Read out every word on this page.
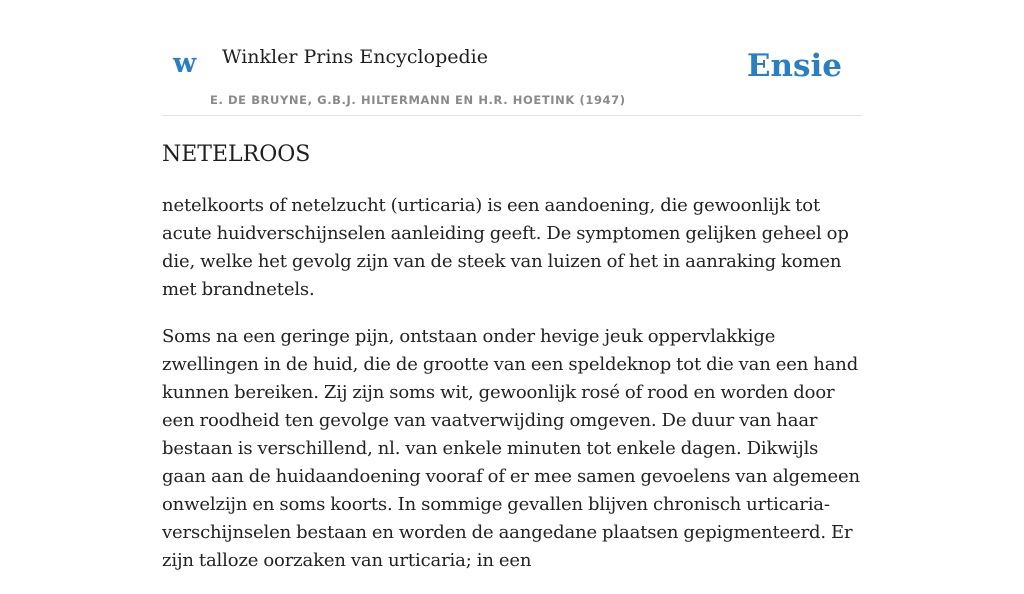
w Winkler Prins Encyclopedie
E. DE BRUYNE, G.B.J. HILTERMANN EN H.R. HOETINK (1947)
Ensie
NETELROOS

netelkoorts of netelzucht (urticaria) is een aandoening, die gewoonlijk tot acute huidverschijnselen aanleiding geeft. De symptomen gelijken geheel op die, welke het gevolg zijn van de steek van luizen of het in aanraking komen met brandnetels.

Soms na een geringe pijn, ontstaan onder hevige jeuk oppervlakkige zwellingen in de huid, die de grootte van een speldeknop tot die van een hand kunnen bereiken. Zij zijn soms wit, gewoonlijk rosé of rood en worden door een roodheid ten gevolge van vaatverwijding omgeven. De duur van haar bestaan is verschillend, nl. van enkele minuten tot enkele dagen. Dikwijls gaan aan de huidaandoening vooraf of er mee samen gevoelens van algemeen onwelzijn en soms koorts. In sommige gevallen blijven chronisch urticaria-verschijnselen bestaan en worden de aangedane plaatsen gepigmenteerd. Er zijn talloze oorzaken van urticaria; in een
